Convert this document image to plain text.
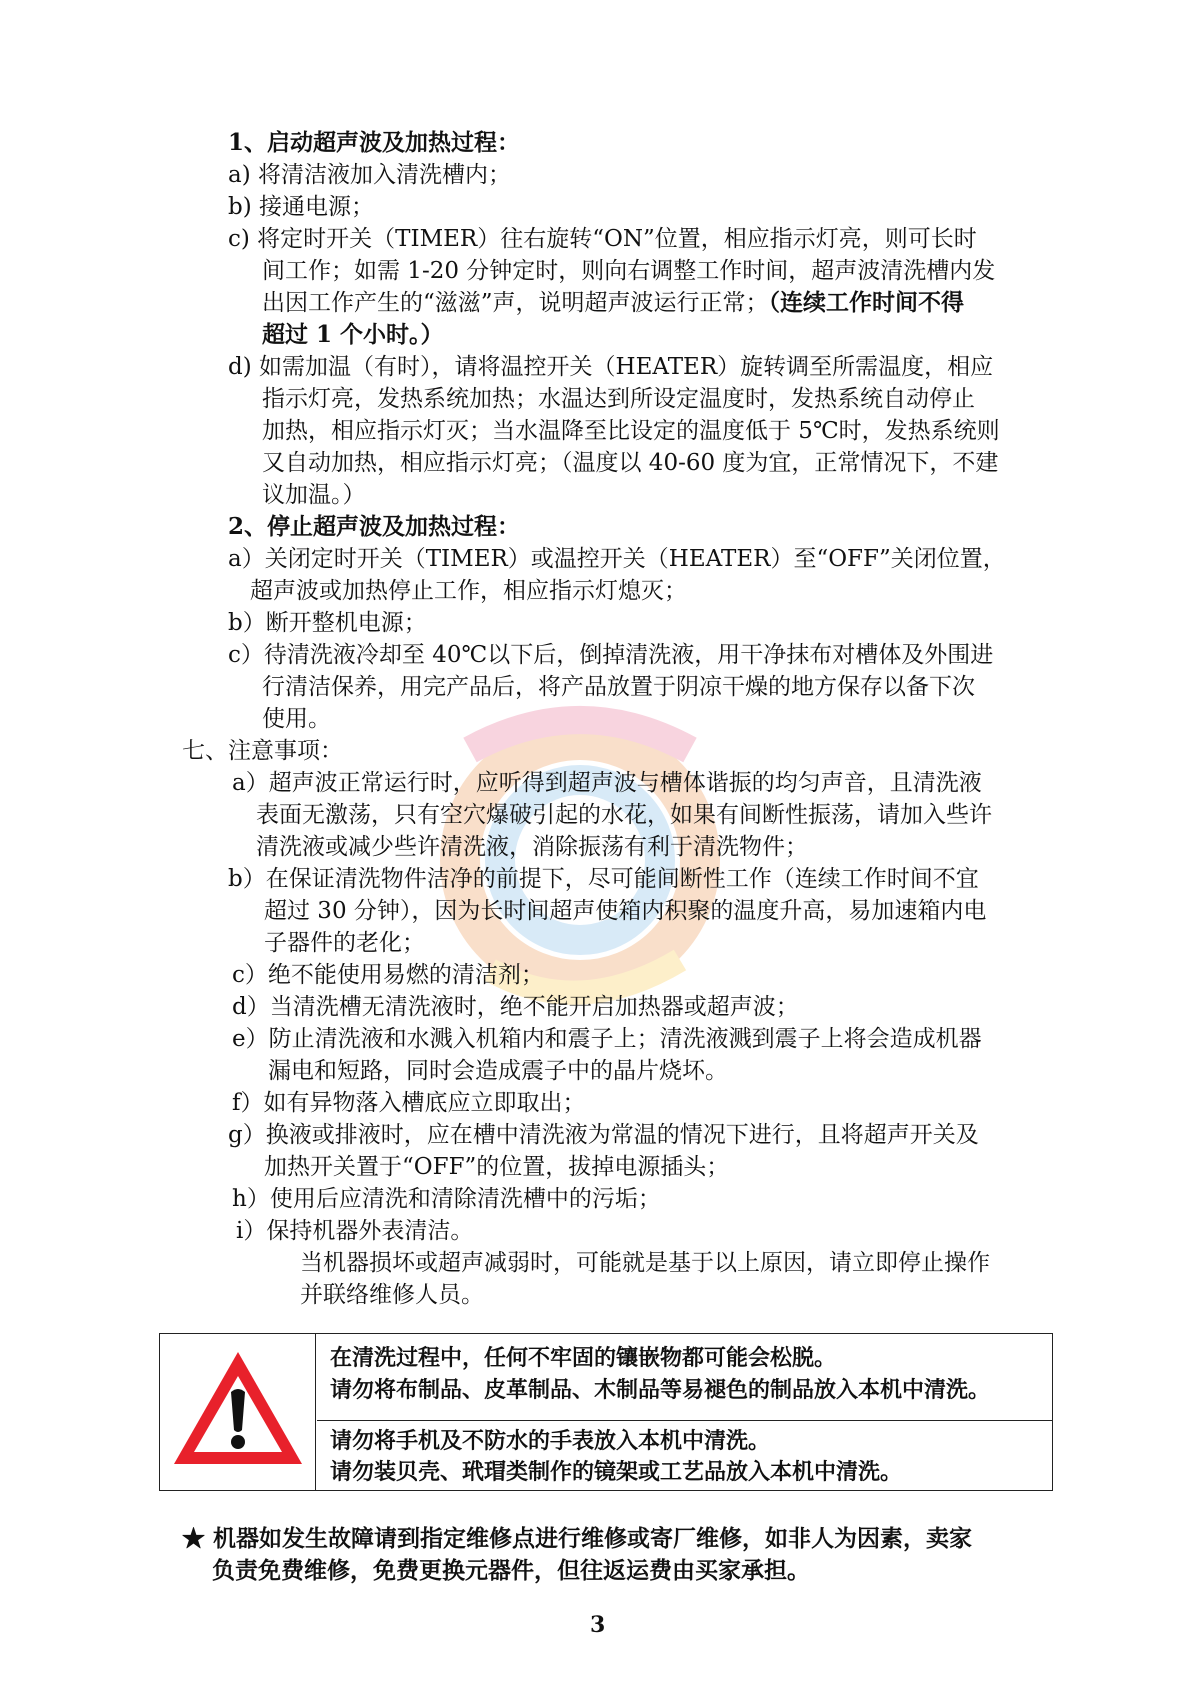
1、启动超声波及加热过程：
a) 将清洁液加入清洗槽内；
b) 接通电源；
c) 将定时开关（TIMER）往右旋转“ON”位置，相应指示灯亮，则可长时
间工作；如需 1-20 分钟定时，则向右调整工作时间，超声波清洗槽内发
出因工作产生的“滋滋”声，说明超声波运行正常；（连续工作时间不得
超过 1 个小时。）
d) 如需加温（有时），请将温控开关（HEATER）旋转调至所需温度，相应
指示灯亮，发热系统加热；水温达到所设定温度时，发热系统自动停止
加热，相应指示灯灭；当水温降至比设定的温度低于 5℃时，发热系统则
又自动加热，相应指示灯亮；（温度以 40-60 度为宜，正常情况下，不建
议加温。）
2、停止超声波及加热过程：
a）关闭定时开关（TIMER）或温控开关（HEATER）至“OFF”关闭位置，
超声波或加热停止工作，相应指示灯熄灭；
b）断开整机电源；
c）待清洗液冷却至 40℃以下后，倒掉清洗液，用干净抹布对槽体及外围进
行清洁保养，用完产品后，将产品放置于阴凉干燥的地方保存以备下次
使用。
七、注意事项：
a）超声波正常运行时，应听得到超声波与槽体谐振的均匀声音，且清洗液
表面无激荡，只有空穴爆破引起的水花，如果有间断性振荡，请加入些许
清洗液或减少些许清洗液，消除振荡有利于清洗物件；
b）在保证清洗物件洁净的前提下，尽可能间断性工作（连续工作时间不宜
超过 30 分钟），因为长时间超声使箱内积聚的温度升高，易加速箱内电
子器件的老化；
c）绝不能使用易燃的清洁剂；
d）当清洗槽无清洗液时，绝不能开启加热器或超声波；
e）防止清洗液和水溅入机箱内和震子上；清洗液溅到震子上将会造成机器
漏电和短路，同时会造成震子中的晶片烧坏。
f）如有异物落入槽底应立即取出；
g）换液或排液时，应在槽中清洗液为常温的情况下进行，且将超声开关及
加热开关置于“OFF”的位置，拔掉电源插头；
h）使用后应清洗和清除清洗槽中的污垢；
i）保持机器外表清洁。
当机器损坏或超声减弱时，可能就是基于以上原因，请立即停止操作
并联络维修人员。
在清洗过程中，任何不牢固的镶嵌物都可能会松脱。
请勿将布制品、皮革制品、木制品等易褪色的制品放入本机中清洗。
请勿将手机及不防水的手表放入本机中清洗。
请勿装贝壳、玳瑁类制作的镜架或工艺品放入本机中清洗。
★ 机器如发生故障请到指定维修点进行维修或寄厂维修，如非人为因素，卖家
负责免费维修，免费更换元器件，但往返运费由买家承担。
3
